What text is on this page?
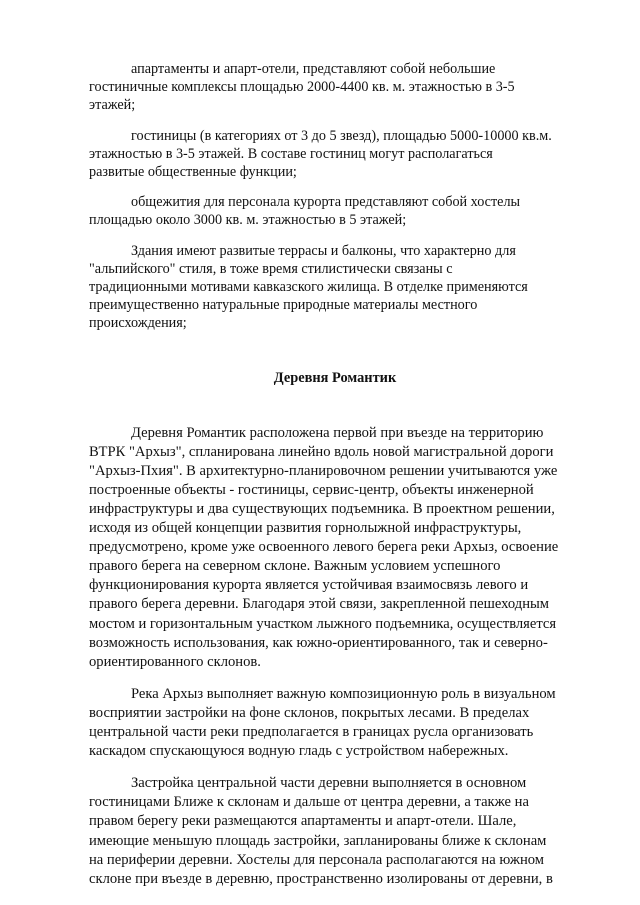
апартаменты и апарт-отели, представляют собой небольшие
гостиничные комплексы площадью 2000-4400 кв. м. этажностью в 3-5
этажей;

гостиницы (в категориях от 3 до 5 звезд), площадью 5000-10000 кв.м.
этажностью в 3-5 этажей. В составе гостиниц могут располагаться
развитые общественные функции;

общежития для персонала курорта представляют собой хостелы
площадью около 3000 кв. м. этажностью в 5 этажей;

Здания имеют развитые террасы и балконы, что характерно для
"альпийского" стиля, в тоже время стилистически связаны с
традиционными мотивами кавказского жилища. В отделке применяются
преимущественно натуральные природные материалы местного
происхождения;

Деревня Романтик

Деревня Романтик расположена первой при въезде на территорию
ВТРК "Архыз", спланирована линейно вдоль новой магистральной дороги
"Архыз-Пхия". В архитектурно-планировочном решении учитываются уже
построенные объекты - гостиницы, сервис-центр, объекты инженерной
инфраструктуры и два существующих подъемника. В проектном решении,
исходя из общей концепции развития горнолыжной инфраструктуры,
предусмотрено, кроме уже освоенного левого берега реки Архыз, освоение
правого берега на северном склоне. Важным условием успешного
функционирования курорта является устойчивая взаимосвязь левого и
правого берега деревни. Благодаря этой связи, закрепленной пешеходным
мостом и горизонтальным участком лыжного подъемника, осуществляется
возможность использования, как южно-ориентированного, так и северно-
ориентированного склонов.

Река Архыз выполняет важную композиционную роль в визуальном
восприятии застройки на фоне склонов, покрытых лесами. В пределах
центральной части реки предполагается в границах русла организовать
каскадом спускающуюся водную гладь с устройством набережных.

Застройка центральной части деревни выполняется в основном
гостиницами Ближе к склонам и дальше от центра деревни, а также на
правом берегу реки размещаются апартаменты и апарт-отели. Шале,
имеющие меньшую площадь застройки, запланированы ближе к склонам
на периферии деревни. Хостелы для персонала располагаются на южном
склоне при въезде в деревню, пространственно изолированы от деревни, в
